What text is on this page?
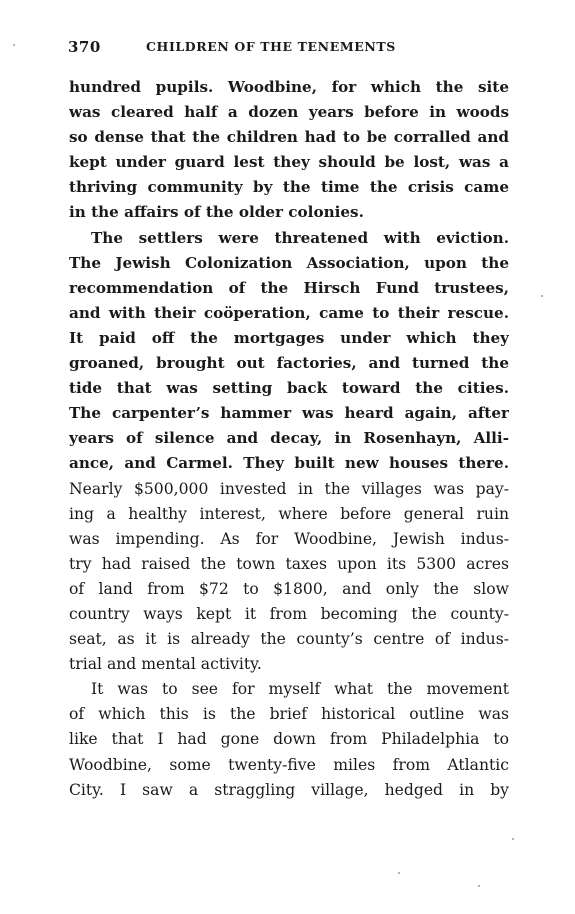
370	CHILDREN OF THE TENEMENTS
hundred pupils. Woodbine, for which the site
was cleared half a dozen years before in woods
so dense that the children had to be corralled and
kept under guard lest they should be lost, was a
thriving community by the time the crisis came
in the affairs of the older colonies.
The settlers were threatened with eviction.
The Jewish Colonization Association, upon the
recommendation of the Hirsch Fund trustees,
and with their coöperation, came to their rescue.
It paid off the mortgages under which they
groaned, brought out factories, and turned the
tide that was setting back toward the cities.
The carpenter’s hammer was heard again, after
years of silence and decay, in Rosenhayn, Alli-
ance, and Carmel. They built new houses there.
Nearly $500,000 invested in the villages was pay-
ing a healthy interest, where before general ruin
was impending. As for Woodbine, Jewish indus-
try had raised the town taxes upon its 5300 acres
of land from $72 to $1800, and only the slow
country ways kept it from becoming the county-
seat, as it is already the county’s centre of indus-
trial and mental activity.
It was to see for myself what the movement
of which this is the brief historical outline was
like that I had gone down from Philadelphia to
Woodbine, some twenty-five miles from Atlantic
City. I saw a straggling village, hedged in by
